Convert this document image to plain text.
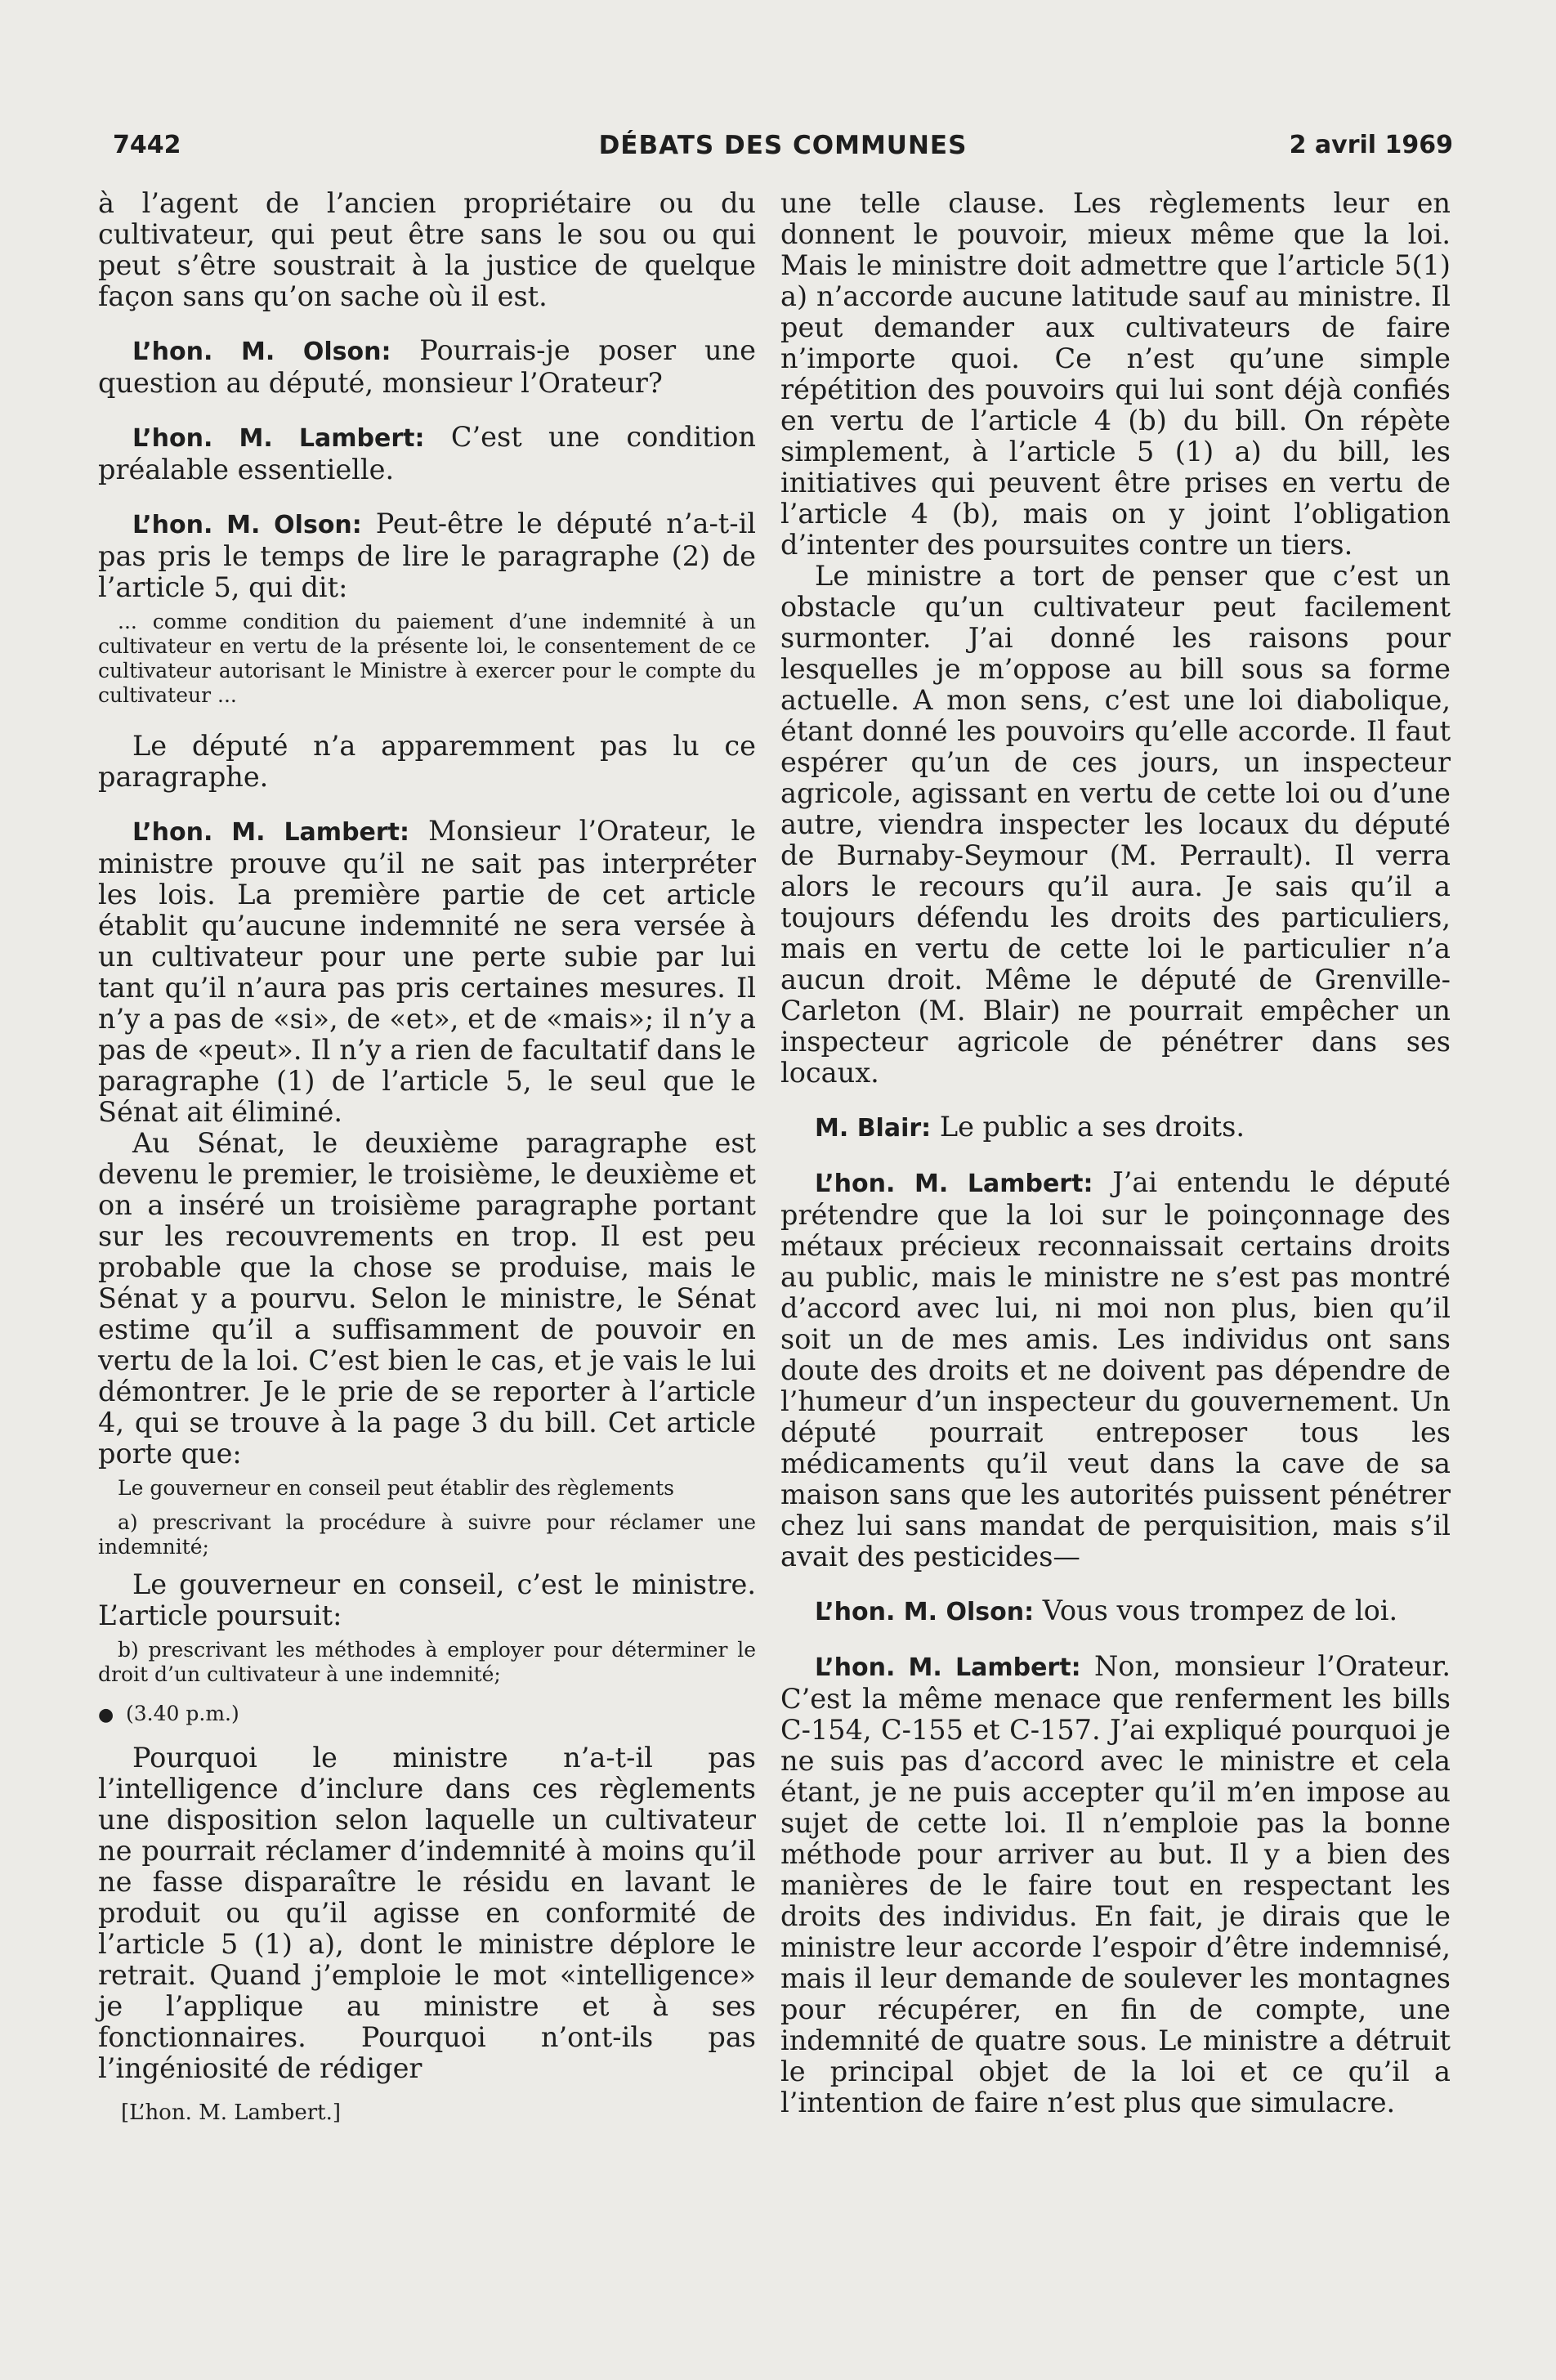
7442	DÉBATS DES COMMUNES	2 avril 1969

à l’agent de l’ancien propriétaire ou du cultivateur, qui peut être sans le sou ou qui peut s’être soustrait à la justice de quelque façon sans qu’on sache où il est.

L’hon. M. Olson: Pourrais-je poser une question au député, monsieur l’Orateur?

L’hon. M. Lambert: C’est une condition préalable essentielle.

L’hon. M. Olson: Peut-être le député n’a-t-il pas pris le temps de lire le paragraphe (2) de l’article 5, qui dit:

... comme condition du paiement d’une indemnité à un cultivateur en vertu de la présente loi, le consentement de ce cultivateur autorisant le Ministre à exercer pour le compte du cultivateur ...

Le député n’a apparemment pas lu ce paragraphe.

L’hon. M. Lambert: Monsieur l’Orateur, le ministre prouve qu’il ne sait pas interpréter les lois. La première partie de cet article établit qu’aucune indemnité ne sera versée à un cultivateur pour une perte subie par lui tant qu’il n’aura pas pris certaines mesures. Il n’y a pas de «si», de «et», et de «mais»; il n’y a pas de «peut». Il n’y a rien de facultatif dans le paragraphe (1) de l’article 5, le seul que le Sénat ait éliminé.

Au Sénat, le deuxième paragraphe est devenu le premier, le troisième, le deuxième et on a inséré un troisième paragraphe portant sur les recouvrements en trop. Il est peu probable que la chose se produise, mais le Sénat y a pourvu. Selon le ministre, le Sénat estime qu’il a suffisamment de pouvoir en vertu de la loi. C’est bien le cas, et je vais le lui démontrer. Je le prie de se reporter à l’article 4, qui se trouve à la page 3 du bill. Cet article porte que:

Le gouverneur en conseil peut établir des règlements

a) prescrivant la procédure à suivre pour réclamer une indemnité;

Le gouverneur en conseil, c’est le ministre. L’article poursuit:

b) prescrivant les méthodes à employer pour déterminer le droit d’un cultivateur à une indemnité;

● (3.40 p.m.)

Pourquoi le ministre n’a-t-il pas l’intelligence d’inclure dans ces règlements une disposition selon laquelle un cultivateur ne pourrait réclamer d’indemnité à moins qu’il ne fasse disparaître le résidu en lavant le produit ou qu’il agisse en conformité de l’article 5 (1) a), dont le ministre déplore le retrait. Quand j’emploie le mot «intelligence» je l’applique au ministre et à ses fonctionnaires. Pourquoi n’ont-ils pas l’ingéniosité de rédiger

[L’hon. M. Lambert.]

une telle clause. Les règlements leur en donnent le pouvoir, mieux même que la loi. Mais le ministre doit admettre que l’article 5(1) a) n’accorde aucune latitude sauf au ministre. Il peut demander aux cultivateurs de faire n’importe quoi. Ce n’est qu’une simple répétition des pouvoirs qui lui sont déjà confiés en vertu de l’article 4 (b) du bill. On répète simplement, à l’article 5 (1) a) du bill, les initiatives qui peuvent être prises en vertu de l’article 4 (b), mais on y joint l’obligation d’intenter des poursuites contre un tiers.

Le ministre a tort de penser que c’est un obstacle qu’un cultivateur peut facilement surmonter. J’ai donné les raisons pour lesquelles je m’oppose au bill sous sa forme actuelle. A mon sens, c’est une loi diabolique, étant donné les pouvoirs qu’elle accorde. Il faut espérer qu’un de ces jours, un inspecteur agricole, agissant en vertu de cette loi ou d’une autre, viendra inspecter les locaux du député de Burnaby-Seymour (M. Perrault). Il verra alors le recours qu’il aura. Je sais qu’il a toujours défendu les droits des particuliers, mais en vertu de cette loi le particulier n’a aucun droit. Même le député de Grenville-Carleton (M. Blair) ne pourrait empêcher un inspecteur agricole de pénétrer dans ses locaux.

M. Blair: Le public a ses droits.

L’hon. M. Lambert: J’ai entendu le député prétendre que la loi sur le poinçonnage des métaux précieux reconnaissait certains droits au public, mais le ministre ne s’est pas montré d’accord avec lui, ni moi non plus, bien qu’il soit un de mes amis. Les individus ont sans doute des droits et ne doivent pas dépendre de l’humeur d’un inspecteur du gouvernement. Un député pourrait entreposer tous les médicaments qu’il veut dans la cave de sa maison sans que les autorités puissent pénétrer chez lui sans mandat de perquisition, mais s’il avait des pesticides—

L’hon. M. Olson: Vous vous trompez de loi.

L’hon. M. Lambert: Non, monsieur l’Orateur. C’est la même menace que renferment les bills C-154, C-155 et C-157. J’ai expliqué pourquoi je ne suis pas d’accord avec le ministre et cela étant, je ne puis accepter qu’il m’en impose au sujet de cette loi. Il n’emploie pas la bonne méthode pour arriver au but. Il y a bien des manières de le faire tout en respectant les droits des individus. En fait, je dirais que le ministre leur accorde l’espoir d’être indemnisé, mais il leur demande de soulever les montagnes pour récupérer, en fin de compte, une indemnité de quatre sous. Le ministre a détruit le principal objet de la loi et ce qu’il a l’intention de faire n’est plus que simulacre.
